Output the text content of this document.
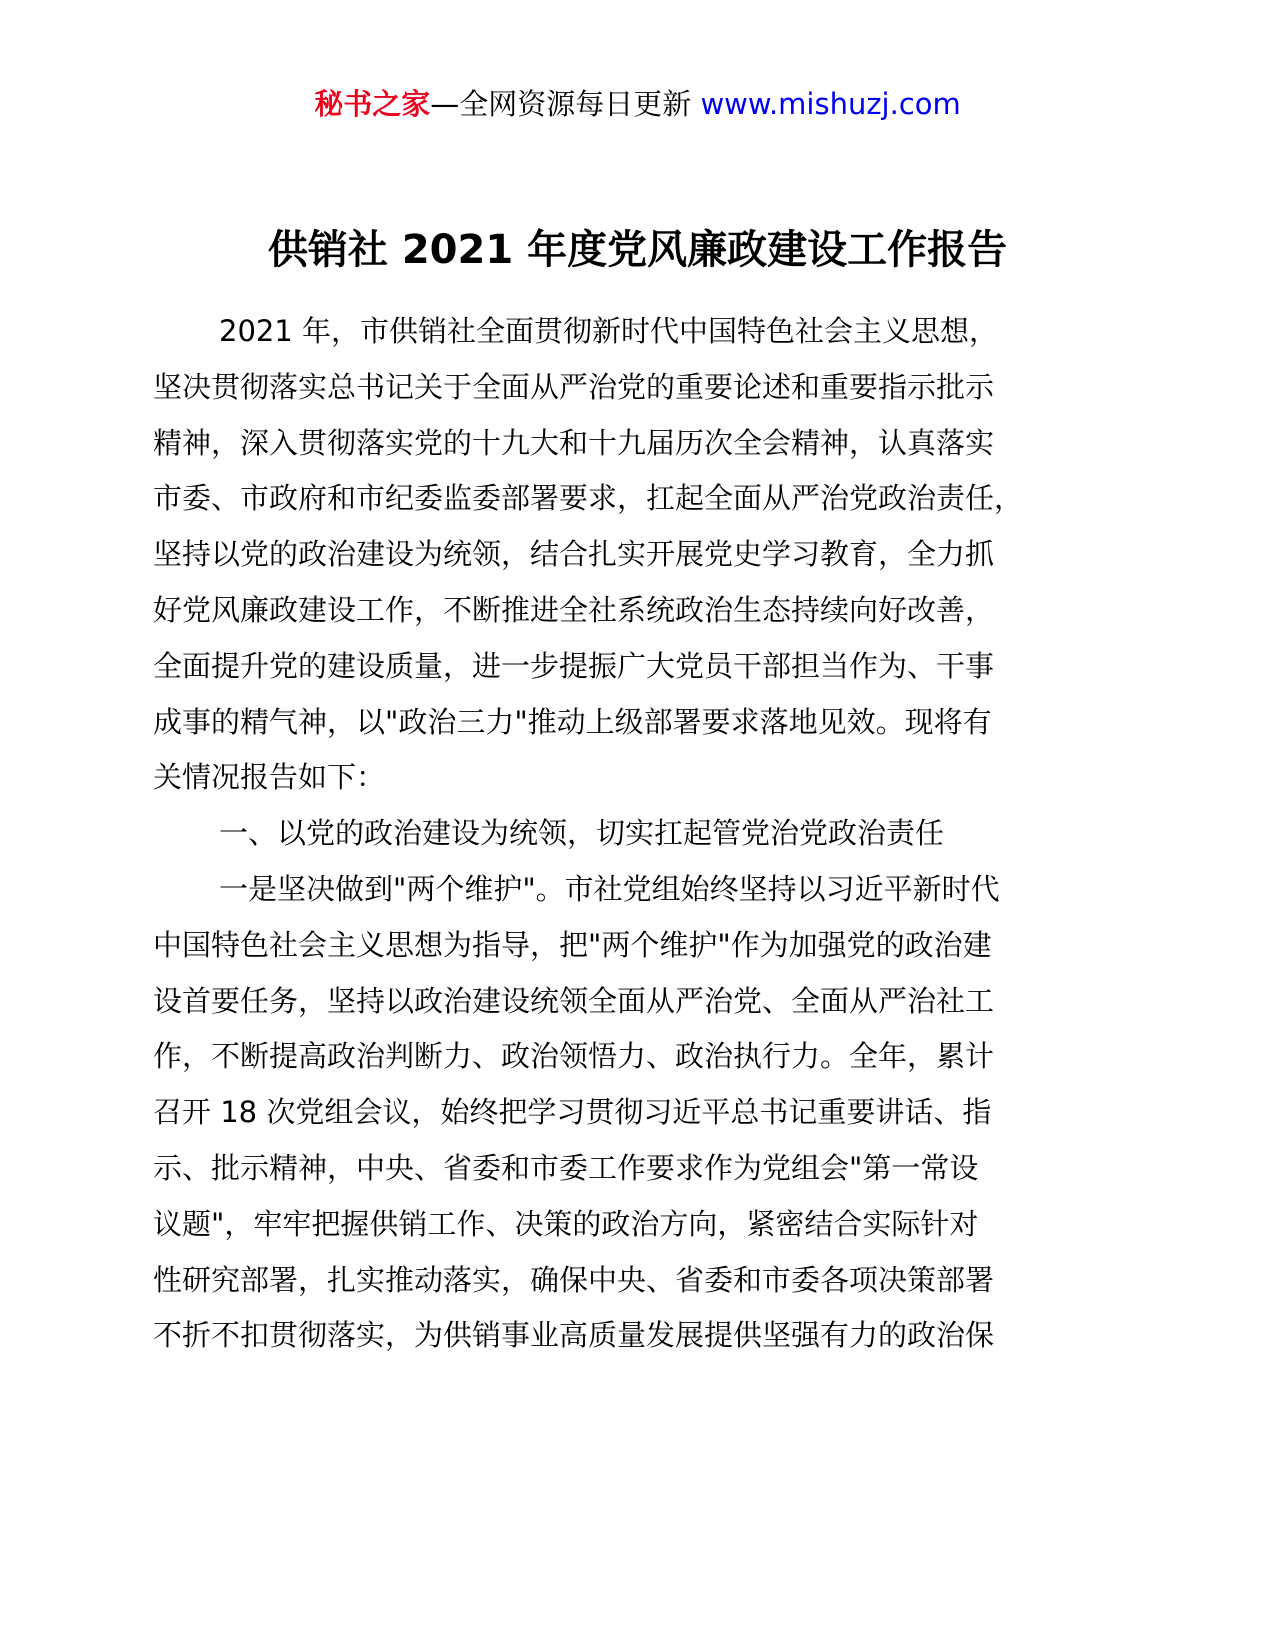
秘书之家—全网资源每日更新 www.mishuzj.com
供销社 2021 年度党风廉政建设工作报告
2021 年，市供销社全面贯彻新时代中国特色社会主义思想，
坚决贯彻落实总书记关于全面从严治党的重要论述和重要指示批示
精神，深入贯彻落实党的十九大和十九届历次全会精神，认真落实
市委、市政府和市纪委监委部署要求，扛起全面从严治党政治责任，
坚持以党的政治建设为统领，结合扎实开展党史学习教育，全力抓
好党风廉政建设工作，不断推进全社系统政治生态持续向好改善，
全面提升党的建设质量，进一步提振广大党员干部担当作为、干事
成事的精气神，以"政治三力"推动上级部署要求落地见效。现将有
关情况报告如下：
一、以党的政治建设为统领，切实扛起管党治党政治责任
一是坚决做到"两个维护"。市社党组始终坚持以习近平新时代
中国特色社会主义思想为指导，把"两个维护"作为加强党的政治建
设首要任务，坚持以政治建设统领全面从严治党、全面从严治社工
作，不断提高政治判断力、政治领悟力、政治执行力。全年，累计
召开 18 次党组会议，始终把学习贯彻习近平总书记重要讲话、指
示、批示精神，中央、省委和市委工作要求作为党组会"第一常设
议题"，牢牢把握供销工作、决策的政治方向，紧密结合实际针对
性研究部署，扎实推动落实，确保中央、省委和市委各项决策部署
不折不扣贯彻落实，为供销事业高质量发展提供坚强有力的政治保
